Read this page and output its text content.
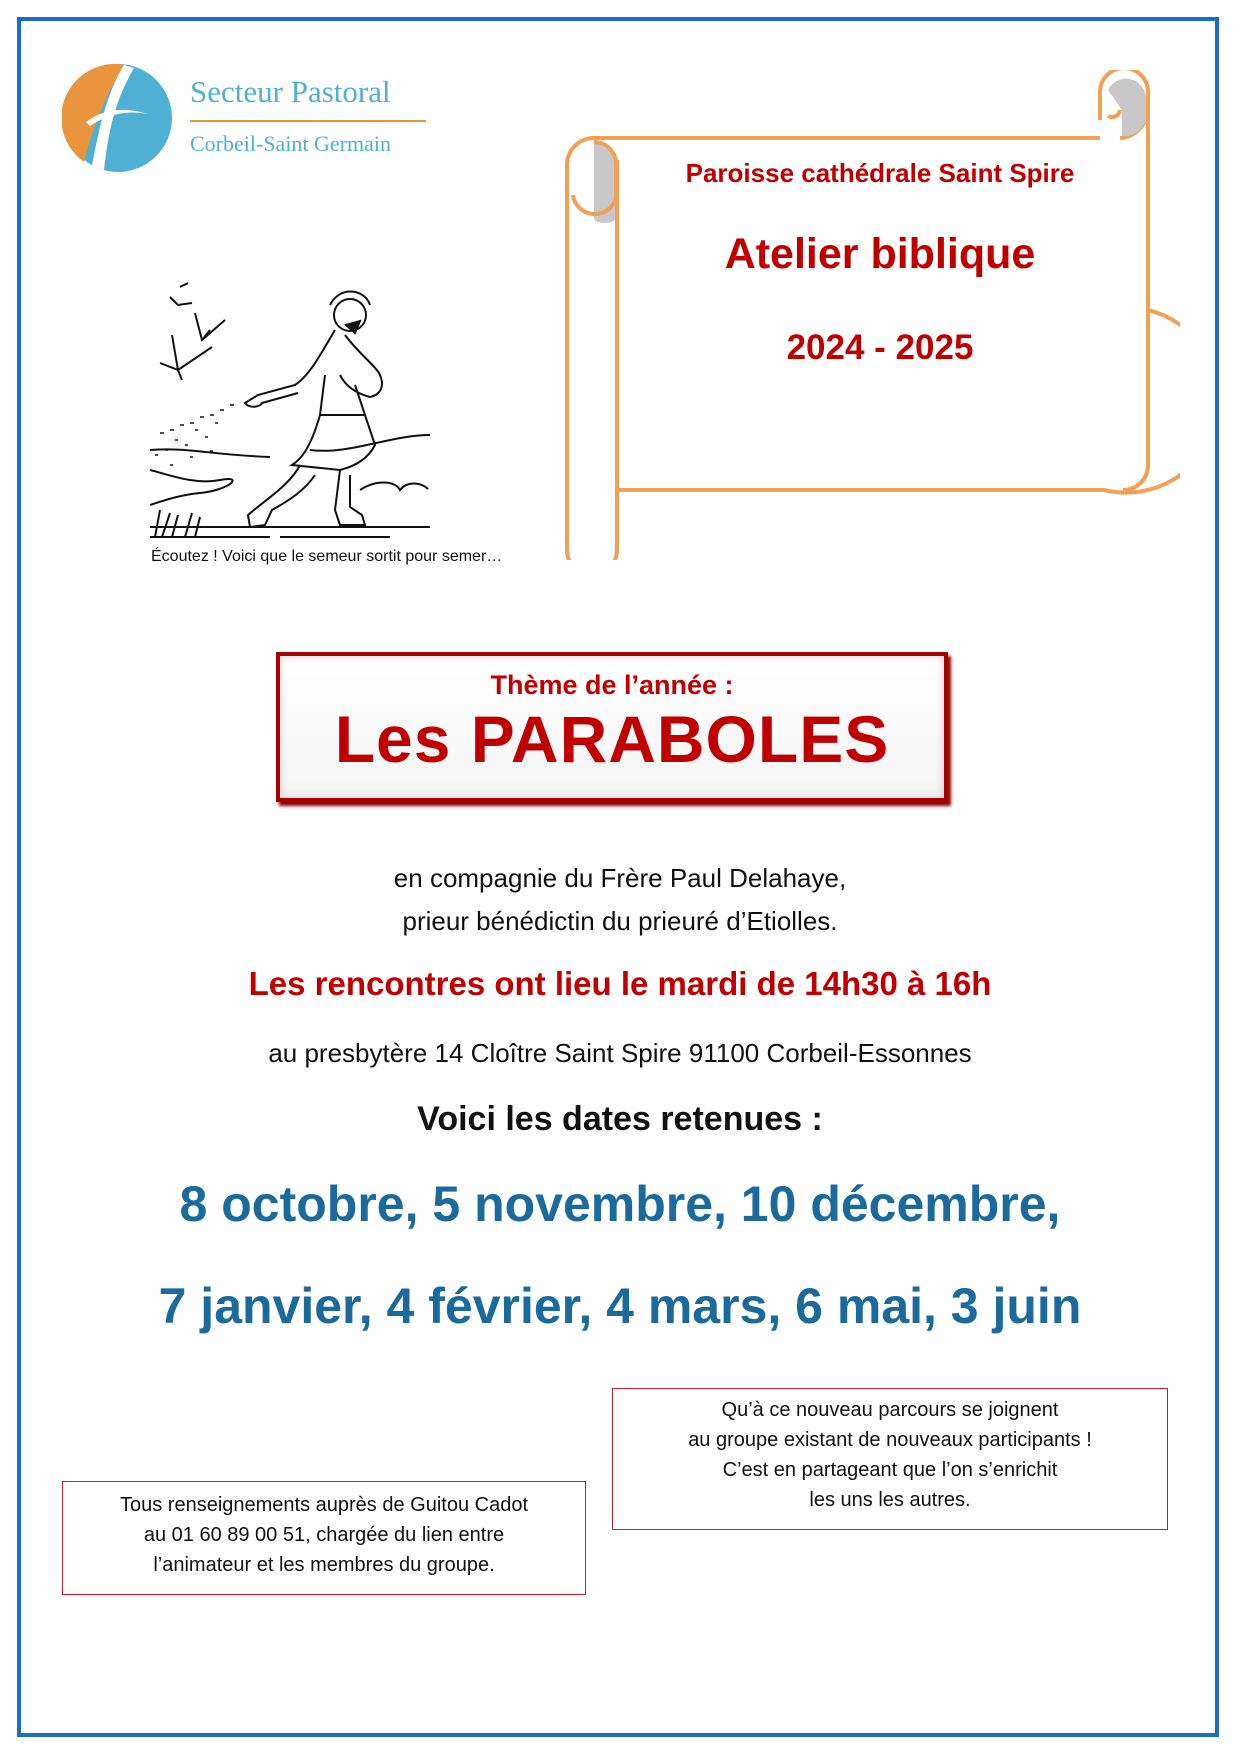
Secteur Pastoral
Corbeil-Saint Germain
Paroisse cathédrale Saint Spire
Atelier biblique
2024 - 2025
Écoutez ! Voici que le semeur sortit pour semer…
Thème de l’année :
Les PARABOLES
en compagnie du Frère Paul Delahaye,
prieur bénédictin du prieuré d’Etiolles.
Les rencontres ont lieu le mardi de 14h30 à 16h
au presbytère 14 Cloître Saint Spire 91100 Corbeil-Essonnes
Voici les dates retenues :
8 octobre, 5 novembre, 10 décembre,
7 janvier, 4 février, 4 mars, 6 mai, 3 juin
Qu’à ce nouveau parcours se joignent
au groupe existant de nouveaux participants !
C’est en partageant que l’on s’enrichit
les uns les autres.
Tous renseignements auprès de Guitou Cadot
au 01 60 89 00 51, chargée du lien entre
l’animateur et les membres du groupe.
